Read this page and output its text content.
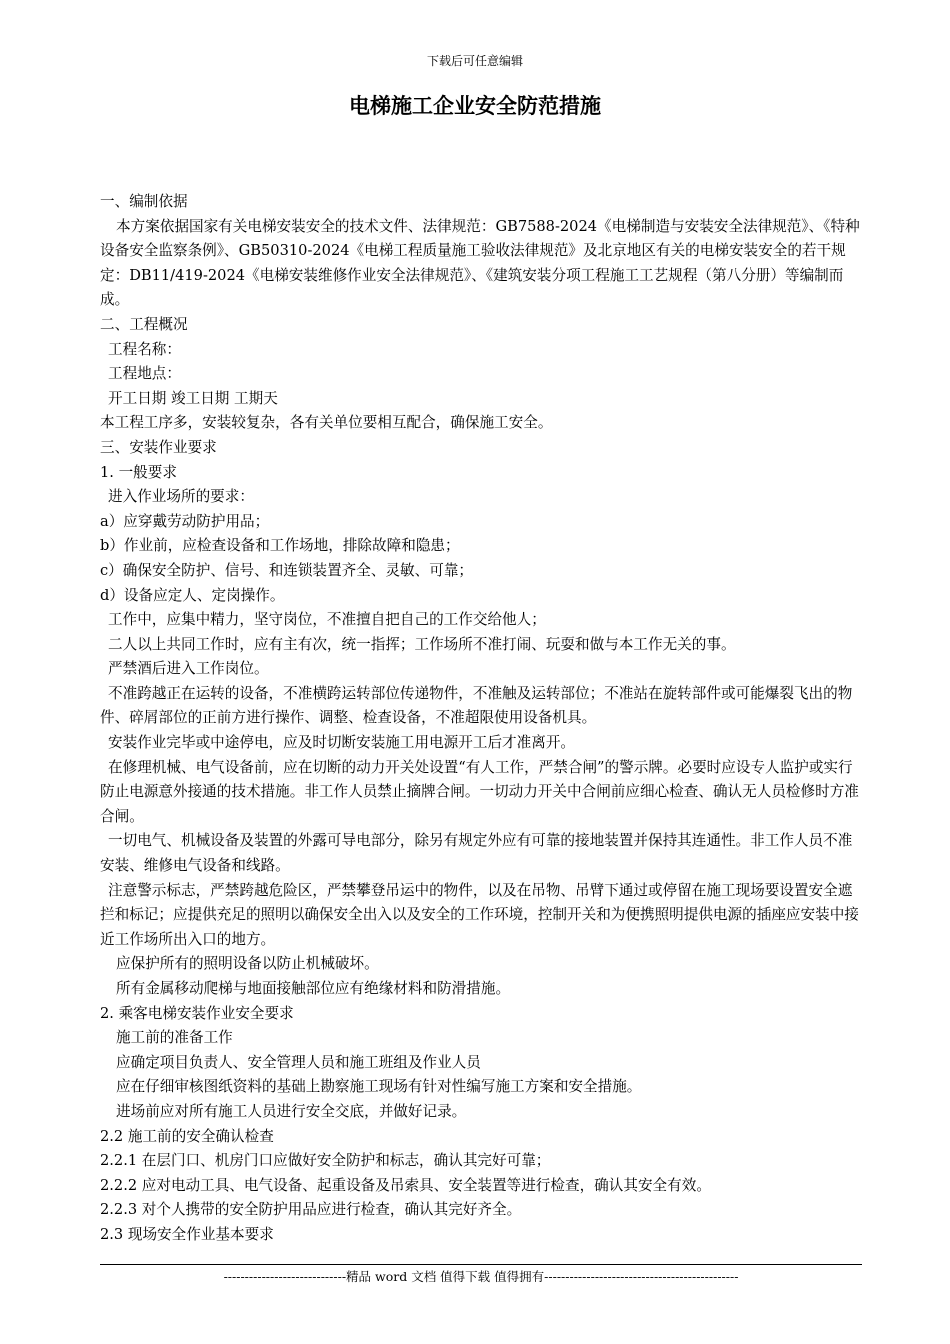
下载后可任意编辑
电梯施工企业安全防范措施

一、编制依据

本方案依据国家有关电梯安装安全的技术文件、法律规范：GB7588-2024《电梯制造与安装安全法律规范》、《特种设备安全监察条例》、GB50310-2024《电梯工程质量施工验收法律规范》及北京地区有关的电梯安装安全的若干规定：DB11/419-2024《电梯安装维修作业安全法律规范》、《建筑安装分项工程施工工艺规程（第八分册）等编制而成。

二、工程概况

工程名称：

工程地点：

开工日期 竣工日期 工期天

本工程工序多，安装较复杂，各有关单位要相互配合，确保施工安全。

三、安装作业要求

1. 一般要求

进入作业场所的要求：

a）应穿戴劳动防护用品；

b）作业前，应检查设备和工作场地，排除故障和隐患；

c）确保安全防护、信号、和连锁装置齐全、灵敏、可靠；

d）设备应定人、定岗操作。

工作中，应集中精力，坚守岗位，不准擅自把自己的工作交给他人；

二人以上共同工作时，应有主有次，统一指挥；工作场所不准打闹、玩耍和做与本工作无关的事。

严禁酒后进入工作岗位。

不准跨越正在运转的设备，不准横跨运转部位传递物件，不准触及运转部位；不准站在旋转部件或可能爆裂飞出的物件、碎屑部位的正前方进行操作、调整、检查设备，不准超限使用设备机具。

安装作业完毕或中途停电，应及时切断安装施工用电源开工后才准离开。

在修理机械、电气设备前，应在切断的动力开关处设置“有人工作，严禁合闸”的警示牌。必要时应设专人监护或实行防止电源意外接通的技术措施。非工作人员禁止摘牌合闸。一切动力开关中合闸前应细心检查、确认无人员检修时方准合闸。

一切电气、机械设备及装置的外露可导电部分，除另有规定外应有可靠的接地装置并保持其连通性。非工作人员不准安装、维修电气设备和线路。

注意警示标志，严禁跨越危险区，严禁攀登吊运中的物件，以及在吊物、吊臂下通过或停留在施工现场要设置安全遮拦和标记；应提供充足的照明以确保安全出入以及安全的工作环境，控制开关和为便携照明提供电源的插座应安装中接近工作场所出入口的地方。

应保护所有的照明设备以防止机械破坏。

所有金属移动爬梯与地面接触部位应有绝缘材料和防滑措施。

2. 乘客电梯安装作业安全要求

施工前的准备工作

应确定项目负责人、安全管理人员和施工班组及作业人员

应在仔细审核图纸资料的基础上勘察施工现场有针对性编写施工方案和安全措施。

进场前应对所有施工人员进行安全交底，并做好记录。

2.2 施工前的安全确认检查

2.2.1 在层门口、机房门口应做好安全防护和标志，确认其完好可靠；

2.2.2 应对电动工具、电气设备、起重设备及吊索具、安全装置等进行检查，确认其安全有效。

2.2.3 对个人携带的安全防护用品应进行检查，确认其完好齐全。

2.3 现场安全作业基本要求

-----------------------------精品 word 文档 值得下载 值得拥有----------------------------------------------
